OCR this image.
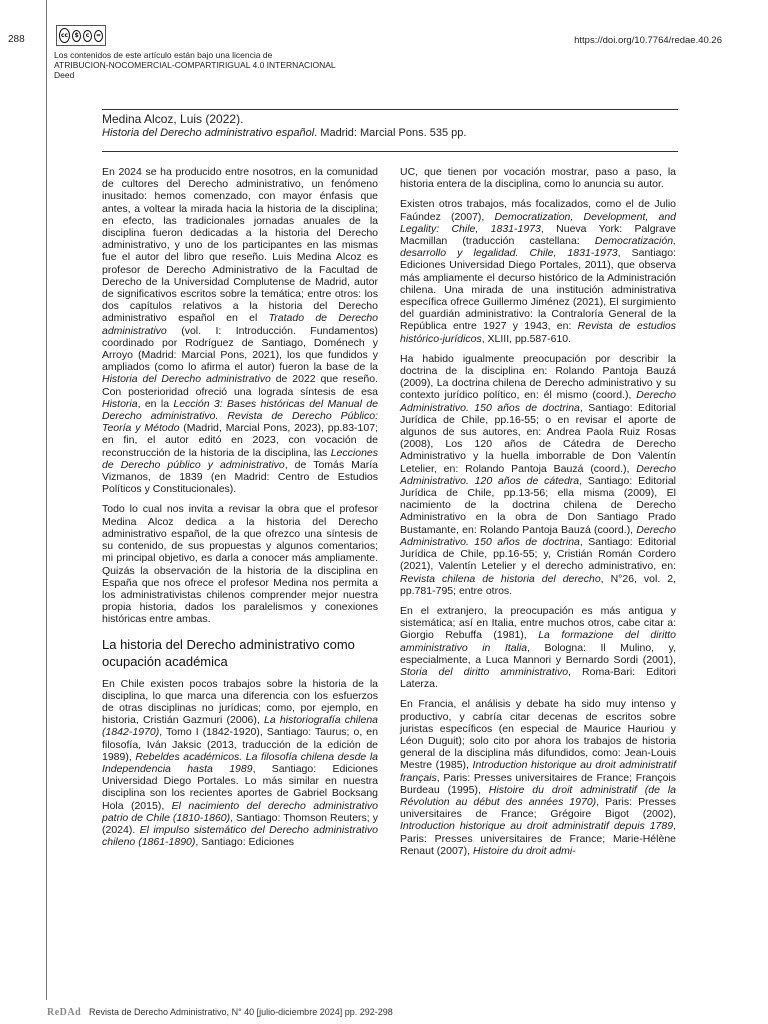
288	cc	$	c	=	https://doi.org/10.7764/redae.40.26
Los contenidos de este artículo están bajo una licencia de
ATRIBUCION-NOCOMERCIAL-COMPARTIRIGUAL 4.0 INTERNACIONAL
Deed
Medina Alcoz, Luis (2022).
Historia del Derecho administrativo español. Madrid: Marcial Pons. 535 pp.

En 2024 se ha producido entre nosotros, en la comunidad de cultores del Derecho administrativo, un fenómeno inusitado: hemos comenzado, con mayor énfasis que antes, a voltear la mirada hacia la historia de la disciplina; en efecto, las tradicionales jornadas anuales de la disciplina fueron dedicadas a la historia del Derecho administrativo, y uno de los participantes en las mismas fue el autor del libro que reseño. Luis Medina Alcoz es profesor de Derecho Administrativo de la Facultad de Derecho de la Universidad Complutense de Madrid, autor de significativos escritos sobre la temática; entre otros: los dos capítulos relativos a la historia del Derecho administrativo español en el Tratado de Derecho administrativo (vol. I: Introducción. Fundamentos) coordinado por Rodríguez de Santiago, Doménech y Arroyo (Madrid: Marcial Pons, 2021), los que fundidos y ampliados (como lo afirma el autor) fueron la base de la Historia del Derecho administrativo de 2022 que reseño. Con posterioridad ofreció una lograda síntesis de esa Historia, en la Lección 3: Bases históricas del Manual de Derecho administrativo. Revista de Derecho Público: Teoría y Método (Madrid, Marcial Pons, 2023), pp.83-107; en fin, el autor editó en 2023, con vocación de reconstrucción de la historia de la disciplina, las Lecciones de Derecho público y administrativo, de Tomás María Vizmanos, de 1839 (en Madrid: Centro de Estudios Políticos y Constitucionales).

Todo lo cual nos invita a revisar la obra que el profesor Medina Alcoz dedica a la historia del Derecho administrativo español, de la que ofrezco una síntesis de su contenido, de sus propuestas y algunos comentarios; mi principal objetivo, es darla a conocer más ampliamente. Quizás la observación de la historia de la disciplina en España que nos ofrece el profesor Medina nos permita a los administrativistas chilenos comprender mejor nuestra propia historia, dados los paralelismos y conexiones históricas entre ambas.

La historia del Derecho administrativo como ocupación académica

En Chile existen pocos trabajos sobre la historia de la disciplina, lo que marca una diferencia con los esfuerzos de otras disciplinas no jurídicas; como, por ejemplo, en historia, Cristián Gazmuri (2006), La historiografía chilena (1842-1970), Tomo I (1842-1920), Santiago: Taurus; o, en filosofía, Iván Jaksic (2013, traducción de la edición de 1989), Rebeldes académicos. La filosofía chilena desde la Independencia hasta 1989, Santiago: Ediciones Universidad Diego Portales. Lo más similar en nuestra disciplina son los recientes aportes de Gabriel Bocksang Hola (2015), El nacimiento del derecho administrativo patrio de Chile (1810-1860), Santiago: Thomson Reuters; y (2024). El impulso sistemático del Derecho administrativo chileno (1861-1890), Santiago: Ediciones

UC, que tienen por vocación mostrar, paso a paso, la historia entera de la disciplina, como lo anuncia su autor.

Existen otros trabajos, más focalizados, como el de Julio Faúndez (2007), Democratization, Development, and Legality: Chile, 1831-1973, Nueva York: Palgrave Macmillan (traducción castellana: Democratización, desarrollo y legalidad. Chile, 1831-1973, Santiago: Ediciones Universidad Diego Portales, 2011), que observa más ampliamente el decurso histórico de la Administración chilena. Una mirada de una institución administrativa específica ofrece Guillermo Jiménez (2021), El surgimiento del guardián administrativo: la Contraloría General de la República entre 1927 y 1943, en: Revista de estudios histórico-jurídicos, XLIII, pp.587-610.

Ha habido igualmente preocupación por describir la doctrina de la disciplina en: Rolando Pantoja Bauzá (2009), La doctrina chilena de Derecho administrativo y su contexto jurídico político, en: él mismo (coord.), Derecho Administrativo. 150 años de doctrina, Santiago: Editorial Jurídica de Chile, pp.16-55; o en revisar el aporte de algunos de sus autores, en: Andrea Paola Ruiz Rosas (2008), Los 120 años de Cátedra de Derecho Administrativo y la huella imborrable de Don Valentín Letelier, en: Rolando Pantoja Bauzá (coord.), Derecho Administrativo. 120 años de cátedra, Santiago: Editorial Jurídica de Chile, pp.13-56; ella misma (2009), El nacimiento de la doctrina chilena de Derecho Administrativo en la obra de Don Santiago Prado Bustamante, en: Rolando Pantoja Bauzá (coord.), Derecho Administrativo. 150 años de doctrina, Santiago: Editorial Jurídica de Chile, pp.16-55; y, Cristián Román Cordero (2021), Valentín Letelier y el derecho administrativo, en: Revista chilena de historia del derecho, N°26, vol. 2, pp.781-795; entre otros.

En el extranjero, la preocupación es más antigua y sistemática; así en Italia, entre muchos otros, cabe citar a: Giorgio Rebuffa (1981), La formazione del diritto amministrativo in Italia, Bologna: Il Mulino, y, especialmente, a Luca Mannori y Bernardo Sordi (2001), Storia del diritto amministrativo, Roma-Bari: Editori Laterza.

En Francia, el análisis y debate ha sido muy intenso y productivo, y cabría citar decenas de escritos sobre juristas específicos (en especial de Maurice Hauriou y Léon Duguit); solo cito por ahora los trabajos de historia general de la disciplina más difundidos, como: Jean-Louis Mestre (1985), Introduction historique au droit administratif français, Paris: Presses universitaires de France; François Burdeau (1995), Histoire du droit administratif (de la Révolution au début des années 1970), Paris: Presses universitaires de France; Grégoire Bigot (2002), Introduction historique au droit administratif depuis 1789, Paris: Presses universitaires de France; Marie-Hélène Renaut (2007), Histoire du droit admi-

ReDAd Revista de Derecho Administrativo, N° 40 [julio-diciembre 2024] pp. 292-298
